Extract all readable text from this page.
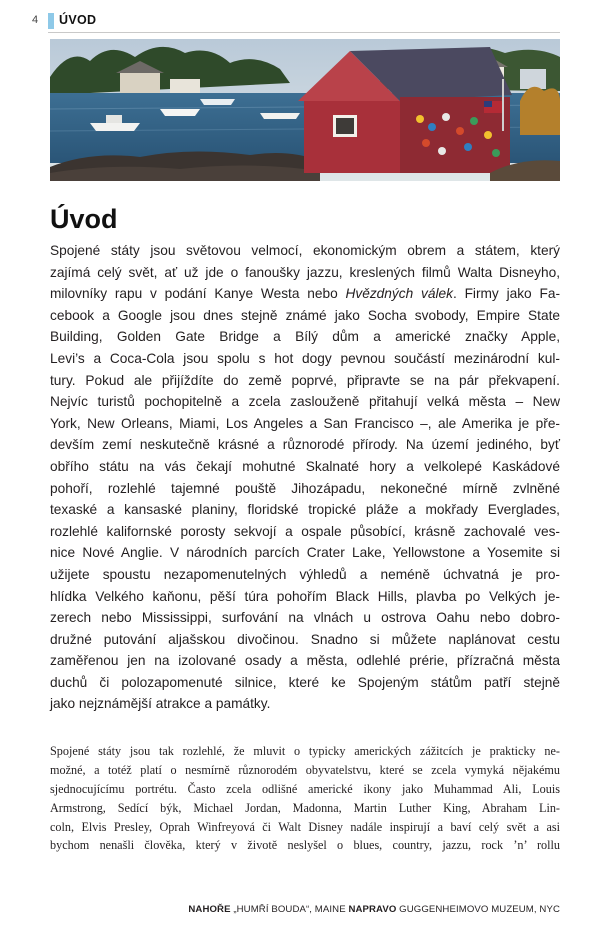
4 ÚVOD
Úvod
Spojené státy jsou světovou velmocí, ekonomickým obrem a státem, který
zajímá celý svět, ať už jde o fanoušky jazzu, kreslených filmů Walta Disneyho,
milovníky rapu v podání Kanye Westa nebo Hvězdných válek. Firmy jako Fa-
cebook a Google jsou dnes stejně známé jako Socha svobody, Empire State
Building, Golden Gate Bridge a Bílý dům a americké značky Apple,
Levi’s a Coca-Cola jsou spolu s hot dogy pevnou součástí mezinárodní kul-
tury. Pokud ale přijíždíte do země poprvé, připravte se na pár překvapení.
Nejvíc turistů pochopitelně a zcela zaslouženě přitahují velká města – New
York, New Orleans, Miami, Los Angeles a San Francisco –, ale Amerika je pře-
devším zemí neskutečně krásné a různorodé přírody. Na území jediného, byť
obřího státu na vás čekají mohutné Skalnaté hory a velkolepé Kaskádové
pohoří, rozlehlé tajemné pouště Jihozápadu, nekonečné mírně zvlněné
texaské a kansaské planiny, floridské tropické pláže a mokřady Everglades,
rozlehlé kalifornské porosty sekvojí a ospale působící, krásně zachovalé ves-
nice Nové Anglie. V národních parcích Crater Lake, Yellowstone a Yosemite si
užijete spoustu nezapomenutelných výhledů a neméně úchvatná je pro-
hlídka Velkého kaňonu, pěší túra pohořím Black Hills, plavba po Velkých je-
zerech nebo Mississippi, surfování na vlnách u ostrova Oahu nebo dobro-
družné putování aljašskou divočinou. Snadno si můžete naplánovat cestu
zaměřenou jen na izolované osady a města, odlehlé prérie, přízračná města
duchů či polozapomenuté silnice, které ke Spojeným státům patří stejně
jako nejznámější atrakce a památky.
Spojené státy jsou tak rozlehlé, že mluvit o typicky amerických zážitcích je prakticky ne-
možné, a totéž platí o nesmírně různorodém obyvatelstvu, které se zcela vymyká nějakému
sjednocujícímu portrétu. Často zcela odlišné americké ikony jako Muhammad Ali, Louis
Armstrong, Sedící býk, Michael Jordan, Madonna, Martin Luther King, Abraham Lin-
coln, Elvis Presley, Oprah Winfreyová či Walt Disney nadále inspirují a baví celý svět a asi
bychom nenašli člověka, který v životě neslyšel o blues, country, jazzu, rock ’n’ rollu
NAHOŘE „HUMŘÍ BOUDA“, MAINE NAPRAVO GUGGENHEIMOVO MUZEUM, NYC
